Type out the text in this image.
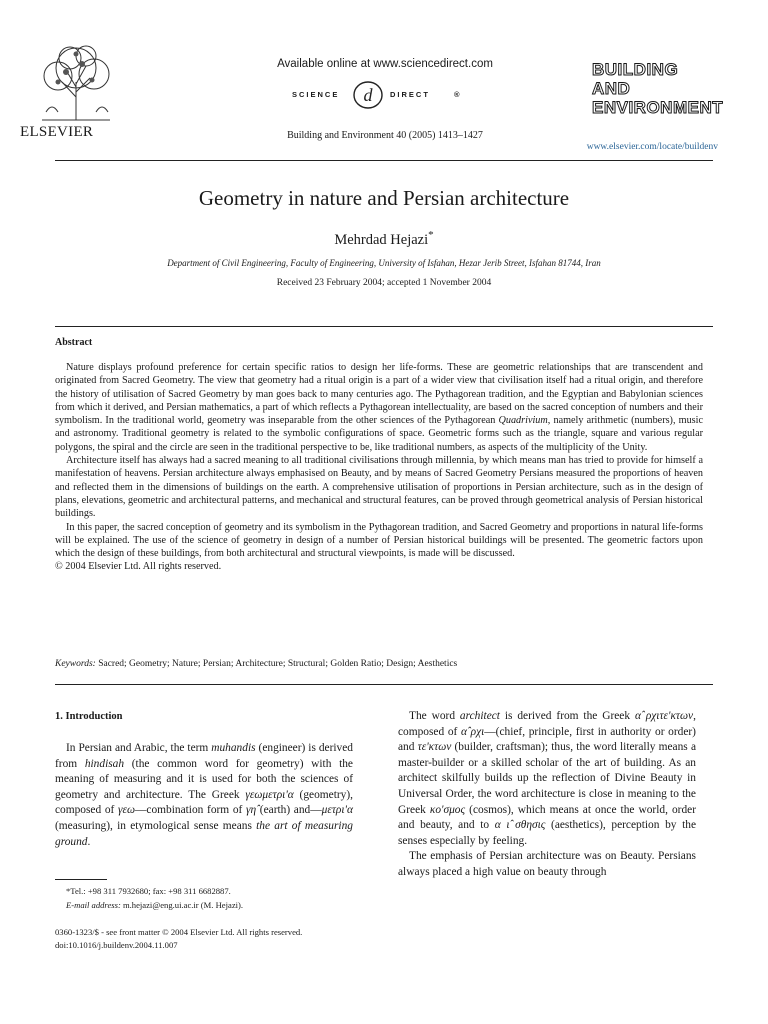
ELSEVIER
Available online at www.sciencedirect.com
SCIENCE d DIRECT	®
Building and Environment 40 (2005) 1413–1427
BUILDING AND
ENVIRONMENT
www.elsevier.com/locate/buildenv
Geometry in nature and Persian architecture
Mehrdad Hejazi*
Department of Civil Engineering, Faculty of Engineering, University of Isfahan, Hezar Jerib Street, Isfahan 81744, Iran
Received 23 February 2004; accepted 1 November 2004
Abstract

Nature displays profound preference for certain specific ratios to design her life-forms. These are geometric relationships that are transcendent and originated from Sacred Geometry. The view that geometry had a ritual origin is a part of a wider view that civilisation itself had a ritual origin, and therefore the history of utilisation of Sacred Geometry by man goes back to many centuries ago. The Pythagorean tradition, and the Egyptian and Babylonian sciences from which it derived, and Persian mathematics, a part of which reflects a Pythagorean intellectuality, are based on the sacred conception of numbers and their symbolism. In the traditional world, geometry was inseparable from the other sciences of the Pythagorean Quadrivium, namely arithmetic (numbers), music and astronomy. Traditional geometry is related to the symbolic configurations of space. Geometric forms such as the triangle, square and various regular polygons, the spiral and the circle are seen in the traditional perspective to be, like traditional numbers, as aspects of the multiplicity of the Unity.

Architecture itself has always had a sacred meaning to all traditional civilisations through millennia, by which means man has tried to provide for himself a manifestation of heavens. Persian architecture always emphasised on Beauty, and by means of Sacred Geometry Persians measured the proportions of heaven and reflected them in the dimensions of buildings on the earth. A comprehensive utilisation of proportions in Persian architecture, such as in the design of plans, elevations, geometric and architectural patterns, and mechanical and structural features, can be proved through geometrical analysis of Persian historical buildings.

In this paper, the sacred conception of geometry and its symbolism in the Pythagorean tradition, and Sacred Geometry and proportions in natural life-forms will be explained. The use of the science of geometry in design of a number of Persian historical buildings will be presented. The geometric factors upon which the design of these buildings, from both architectural and structural viewpoints, is made will be discussed.

© 2004 Elsevier Ltd. All rights reserved.

Keywords: Sacred; Geometry; Nature; Persian; Architecture; Structural; Golden Ratio; Design; Aesthetics
1. Introduction

In Persian and Arabic, the term muhandis (engineer) is derived from hindisah (the common word for geometry) with the meaning of measuring and it is used for both the sciences of geometry and architecture. The Greek γεωμετρι'α (geometry), composed of γεω—combination form of γη̂ (earth) and—μετρι'α (measuring), in etymological sense means the art of measuring ground.

*Tel.: +98 311 7932680; fax: +98 311 6682887.

E-mail address: m.hejazi@eng.ui.ac.ir (M. Hejazi).

0360-1323/$ - see front matter © 2004 Elsevier Ltd. All rights reserved.
doi:10.1016/j.buildenv.2004.11.007

The word architect is derived from the Greek α̂ ρχιτε'κτων, composed of α̂ ρχι—(chief, principle, first in authority or order) and τε'κτων (builder, craftsman); thus, the word literally means a master-builder or a skilled scholar of the art of building. As an architect skilfully builds up the reflection of Divine Beauty in Universal Order, the word architecture is close in meaning to the Greek κο'σμος (cosmos), which means at once the world, order and beauty, and to α ι̂ σθησις (aesthetics), perception by the senses especially by feeling.

The emphasis of Persian architecture was on Beauty. Persians always placed a high value on beauty through
